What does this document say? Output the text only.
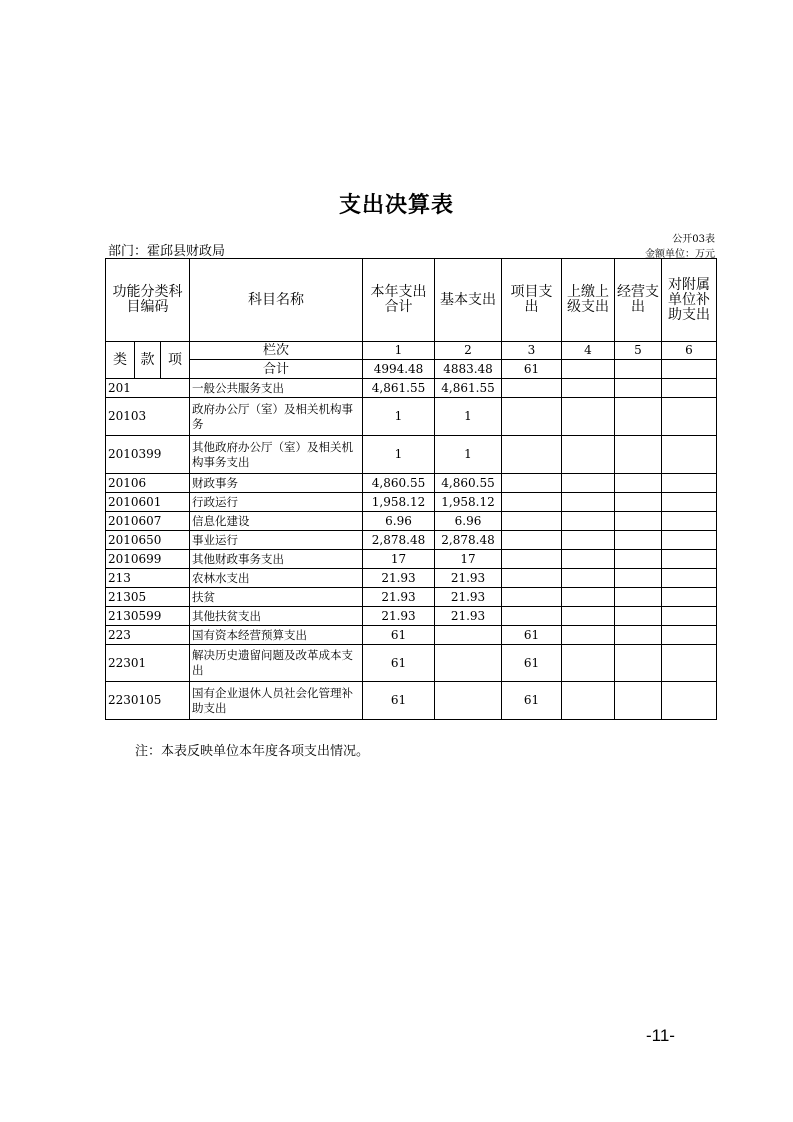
支出决算表
公开03表
金额单位：万元
部门：霍邱县财政局
功能分类科目编码			科目名称	本年支出合计	基本支出	项目支出	上缴上级支出	经营支出	对附属单位补助支出
类	款	项	栏次	1	2	3	4	5	6
			合计	4994.48	4883.48	61			
201			一般公共服务支出	4,861.55	4,861.55				
20103			政府办公厅（室）及相关机构事务	1	1				
2010399			其他政府办公厅（室）及相关机构事务支出	1	1				
20106			财政事务	4,860.55	4,860.55				
2010601			行政运行	1,958.12	1,958.12				
2010607			信息化建设	6.96	6.96				
2010650			事业运行	2,878.48	2,878.48				
2010699			其他财政事务支出	17	17				
213			农林水支出	21.93	21.93				
21305			扶贫	21.93	21.93				
2130599			其他扶贫支出	21.93	21.93				
223			国有资本经营预算支出	61		61			
22301			解决历史遗留问题及改革成本支出	61		61			
2230105			国有企业退休人员社会化管理补助支出	61		61			
注：本表反映单位本年度各项支出情况。
-11-
